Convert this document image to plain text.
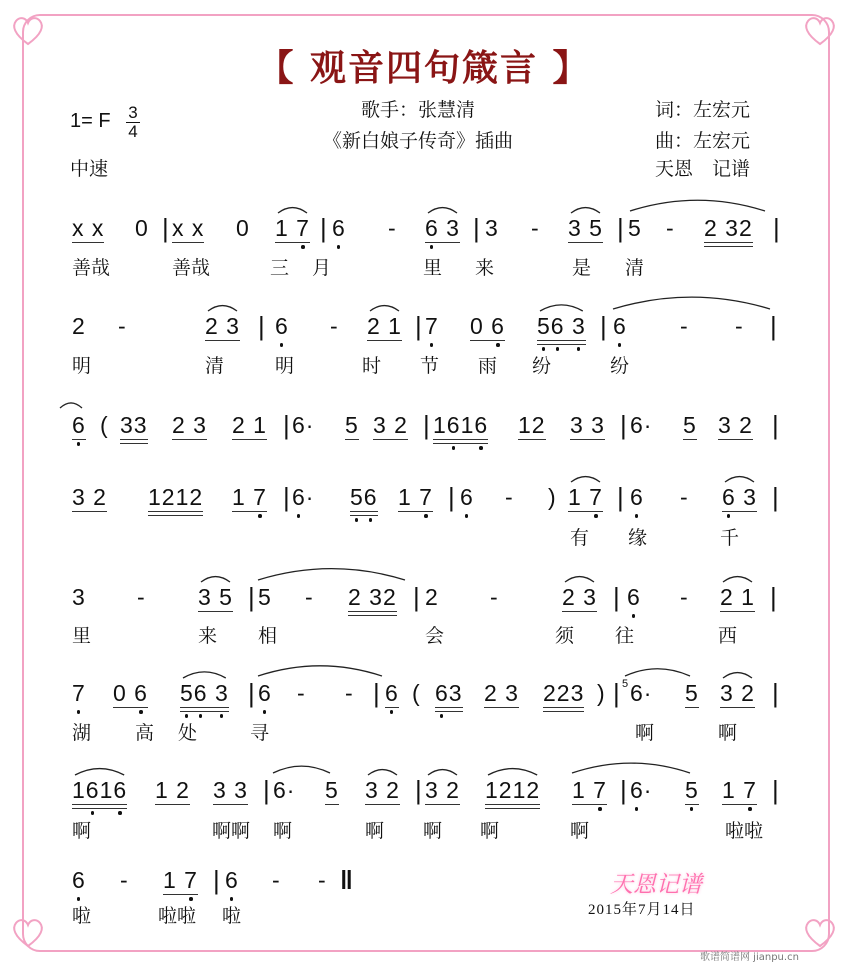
【 观音四句箴言 】
1= F 3
4
中速
歌手：张慧清
《新白娘子传奇》插曲
词：左宏元
曲：左宏元
天恩　记谱
x x 0 | x x 0 1 7 | 6 - 6 3 | 3 - 3 5 | 5 - 2 32 |
善哉	善哉	三 月	里 来	是 清
2 -	2 3 | 6 - 2 1 | 7 0 6 56 3 | 6 - - |
明	清	明	时 节 雨 纷	纷
6 ( 33 2 3 2 1 | 6· 5 3 2 | 1616 12 3 3 | 6· 5 3 2 |
3 2 1212 1 7 | 6· 56 1 7 | 6 - ) 1 7 | 6 - 6 3 |
有 缘	千
3 - 3 5 | 5 - 2 32 | 2 -	2 3 | 6 - 2 1 |
里	来 相	会	须 往	西
7 0 6 56 3 | 6 - - | 6 ( 63 2 3 223 ) | 6·
5 5 3 2 |
湖 高 处	寻	啊	啊
1616 1 2 3 3 | 6· 5 3 2 | 3 2 1212 1 7 | 6· 5 1 7 |
啊	啊啊 啊	啊 啊 啊	啊	啦啦
6 - 1 7 | 6 - - ‖
啦	啦啦 啦
天恩记谱
2015年7月14日
歌谱简谱网 jianpu.cn
